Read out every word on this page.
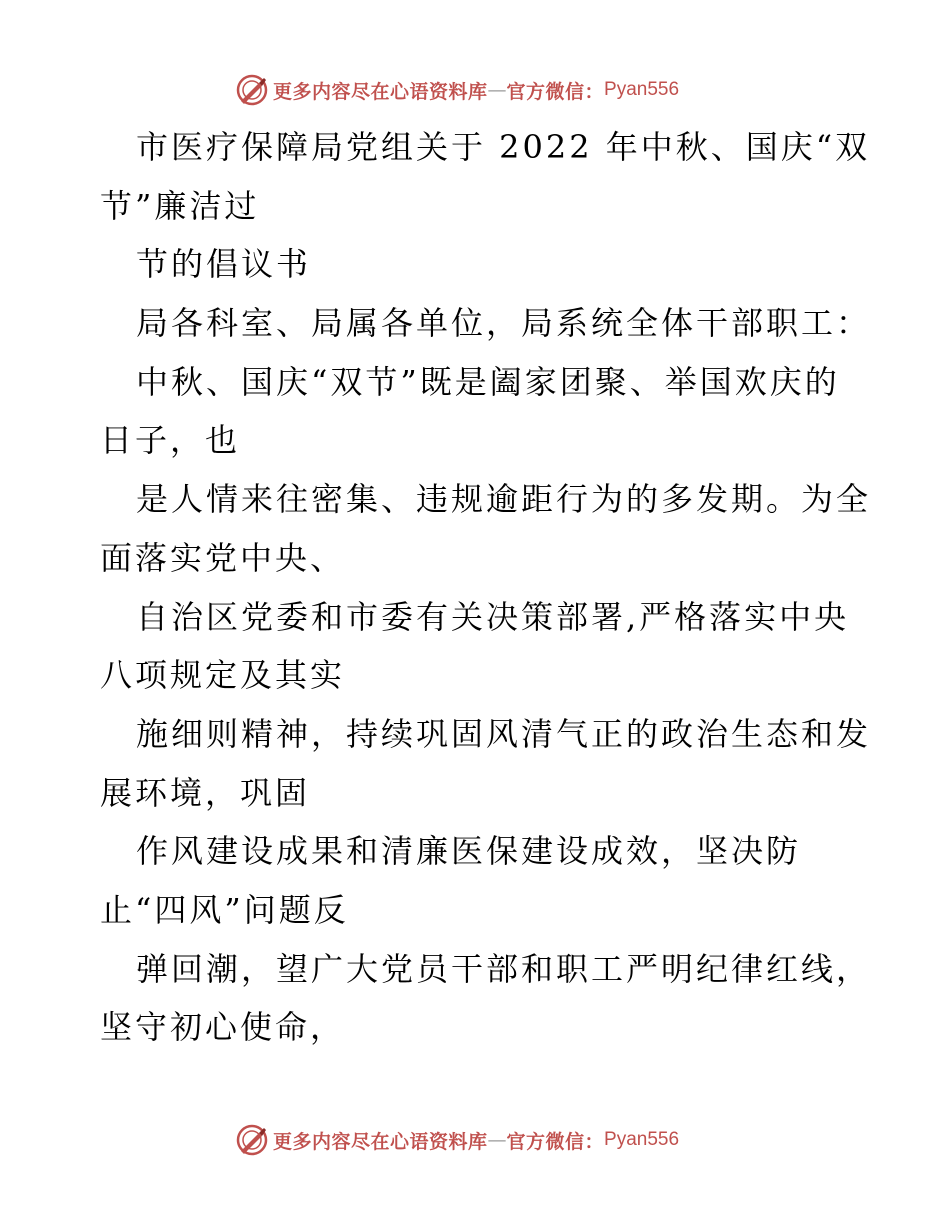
更多内容尽在心语资料库 — 官方微信： Pyan556
市医疗保障局党组关于 2022 年中秋、国庆“双
节”廉洁过
节的倡议书
局各科室、局属各单位，局系统全体干部职工：
中秋、国庆“双节”既是阖家团聚、举国欢庆的
日子，也
是人情来往密集、违规逾距行为的多发期。为全
面落实党中央、
自治区党委和市委有关决策部署,严格落实中央
八项规定及其实
施细则精神，持续巩固风清气正的政治生态和发
展环境，巩固
作风建设成果和清廉医保建设成效，坚决防
止“四风”问题反
弹回潮，望广大党员干部和职工严明纪律红线，
坚守初心使命，
更多内容尽在心语资料库 — 官方微信： Pyan556
